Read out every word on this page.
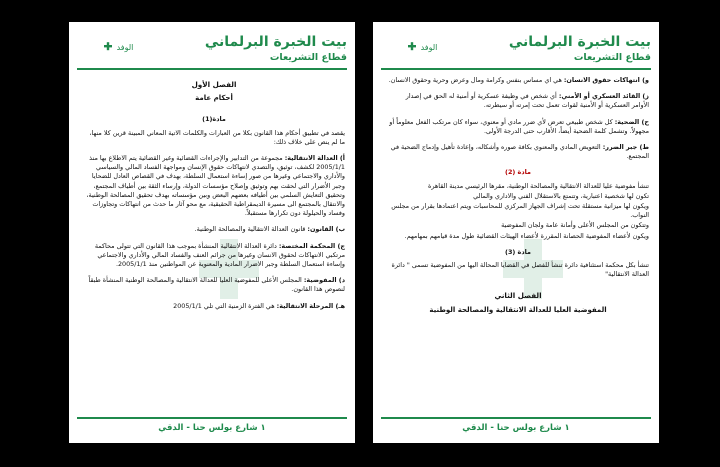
بيت الخبرة البرلماني
قطاع التشريعات
الوفد
الفصل الأول
أحكام عامة
مادة(1)

يقصد في تطبيق أحكام هذا القانون بكلا من العبارات والكلمات الاتية المعاني المبينة قرين كلا منها، ما لم ينص على خلاف ذلك:

أ) العدالة الانتقالية: مجموعة من التدابير والإجراءات القضائية وغير القضائية يتم الاطلاع بها منذ 2005/1/1 لكشف، توثيق، والتصدي لانتهاكات حقوق الإنسان ومواجهة الفساد المالي والسياسي والأداري والاجتماعي وغيرها من صور إساءة استعمال السلطة، بهدف في القصاص العادل للضحايا وجبر الأضرار التي لحقت بهم وتوثيق وإصلاح مؤسسات الدولة، وإرساء الثقة بين أطياف المجتمع، وتحقيق التعايش السلمي بين أطيافه بعضهم البعض وبين مؤسساته بهدف تحقيق المصالحة الوطنية، والانتقال بالمجتمع الى مسيرة الديمقراطية الحقيقية، مع محو آثار ما حدث من انتهاكات وتجاوزات وفساد والحيلولة دون تكرارها مستقبلاً.

ب) القانون: قانون العدالة الانتقالية والمصالحة الوطنية.

ج) المحكمة المختصة: دائرة العدالة الانتقالية المنشأة بموجب هذا القانون التي تتولى محاكمة مرتكبي الانتهاكات لحقوق الانسان وغيرها من جرائم العنف والفساد المالي والأداري والاجتماعي وإساءة استعمال السلطة وجبر الاضرار المادية والمعنوية عن المواطنين منذ 2005/1/1.

د) المفوضية: المجلس الأعلى للمفوضية العليا للعدالة الانتقالية والمصالحة الوطنية المنشأة طبقاً لنصوص هذا القانون.

هـ) المرحلة الانتقالية: هي الفترة الزمنية التي تلي 2005/1/1

١ شارع بولس حنا - الدقي
بيت الخبرة البرلماني
قطاع التشريعات
الوفد

و) انتهاكات حقوق الانسان: هي اي مساس بنفس وكرامة ومال وعرض وحرية وحقوق الانسان.

ز) القائد العسكري أو الأمني: أي شخص في وظيفة عسكرية أو أمنية له الحق في إصدار الأوامر العسكرية أو الأمنية لقوات تعمل تحت إمرته أو سيطرته.

ح) الضحية: كل شخص طبيعي تعرض لأي ضرر مادي أو معنوي، سواء كان مرتكب الفعل معلوماً أو مجهولاً. وتشمل كلمة الضحية أيضاً، الأقارب حتى الدرجة الأولى.

ط) جبر الضرر: التعويض المادي والمعنوي بكافة صوره وأشكاله، وإعادة تأهيل وإدماج الضحية في المجتمع.

مادة (2)

تنشأ مفوضية عليا للعدالة الانتقالية والمصالحة الوطنية، مقرها الرئيسي مدينة القاهرة

تكون لها شخصية اعتبارية، وتتمتع بالاستقلال الفني والاداري والمالي

ويكون لها ميزانية مستقلة تحت إشراف الجهاز المركزي للمحاسبات ويتم اعتمادها بقرار من مجلس النواب.

وتتكون من المجلس الأعلى وأمانة عامة ولجان المفوضية

ويكون لأعضاء المفوضية الحصانة المقررة لأعضاء الهيئات القضائية طول مدة قيامهم بمهامهم.

مادة (3)

تنشأ بكل محكمة استئنافية دائرة تنشأ للفصل في القضايا المحالة اليها من المفوضية تسمى " دائرة العدالة الانتقالية"

الفصل الثاني
المفوضية العليا للعدالة الانتقالية والمصالحة الوطنية
١ شارع بولس حنا - الدقي
